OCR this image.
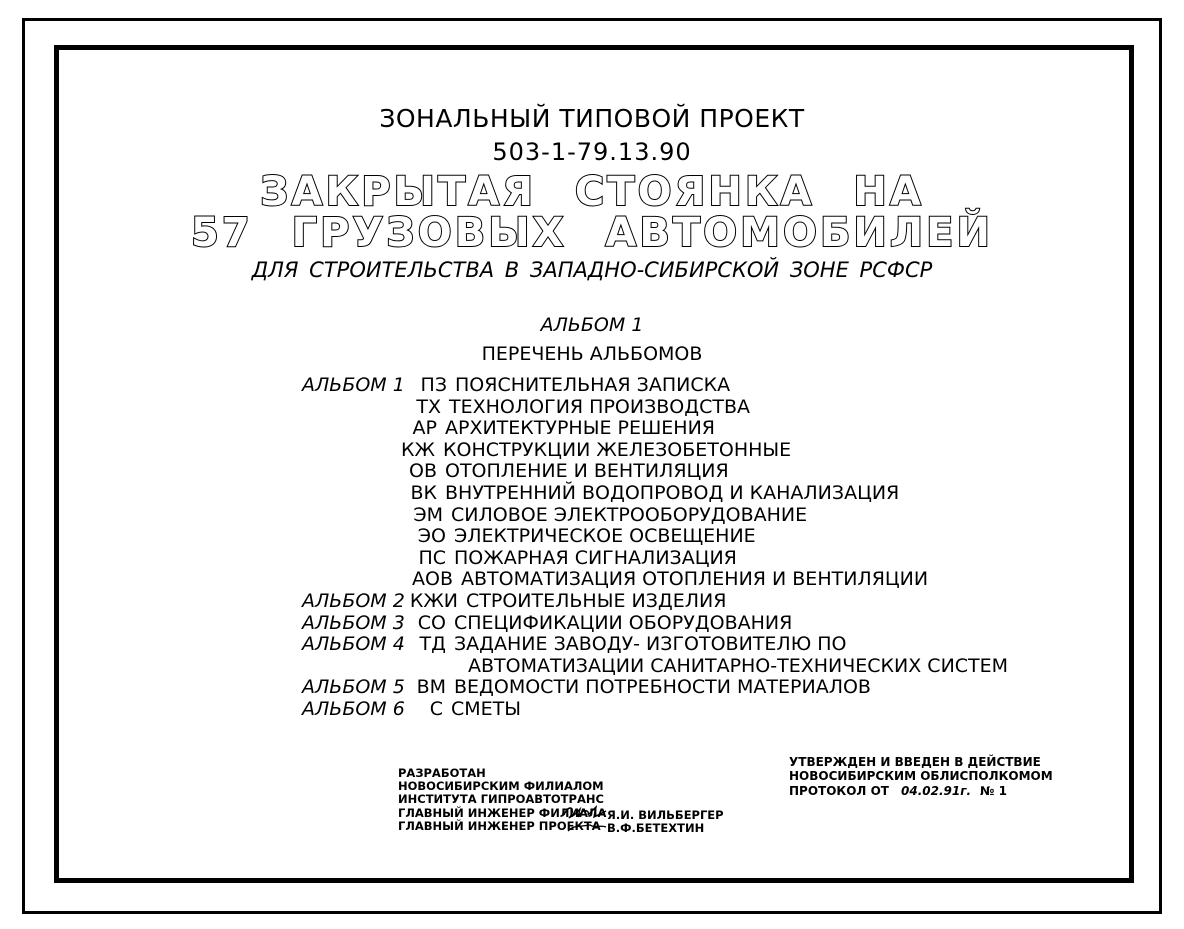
ЗОНАЛЬНЫЙ ТИПОВОЙ ПРОЕКТ
503-1-79.13.90
ЗАКРЫТАЯ СТОЯНКА НА
57 ГРУЗОВЫХ АВТОМОБИЛЕЙ
ДЛЯ СТРОИТЕЛЬСТВА В ЗАПАДНО-СИБИРСКОЙ ЗОНЕ РСФСР
АЛЬБОМ 1
ПЕРЕЧЕНЬ АЛЬБОМОВ
АЛЬБОМ 1 ПЗ ПОЯСНИТЕЛЬНАЯ ЗАПИСКА
ТХ ТЕХНОЛОГИЯ ПРОИЗВОДСТВА
АР АРХИТЕКТУРНЫЕ РЕШЕНИЯ
КЖ КОНСТРУКЦИИ ЖЕЛЕЗОБЕТОННЫЕ
ОВ ОТОПЛЕНИЕ И ВЕНТИЛЯЦИЯ
ВК ВНУТРЕННИЙ ВОДОПРОВОД И КАНАЛИЗАЦИЯ
ЭМ СИЛОВОЕ ЭЛЕКТРООБОРУДОВАНИЕ
ЭО ЭЛЕКТРИЧЕСКОЕ ОСВЕЩЕНИЕ
ПС ПОЖАРНАЯ СИГНАЛИЗАЦИЯ
АОВ АВТОМАТИЗАЦИЯ ОТОПЛЕНИЯ И ВЕНТИЛЯЦИИ
АЛЬБОМ 2 КЖИ СТРОИТЕЛЬНЫЕ ИЗДЕЛИЯ
АЛЬБОМ 3 СО СПЕЦИФИКАЦИИ ОБОРУДОВАНИЯ
АЛЬБОМ 4 ТД ЗАДАНИЕ ЗАВОДУ- ИЗГОТОВИТЕЛЮ ПО
АВТОМАТИЗАЦИИ САНИТАРНО-ТЕХНИЧЕСКИХ СИСТЕМ
АЛЬБОМ 5 ВМ ВЕДОМОСТИ ПОТРЕБНОСТИ МАТЕРИАЛОВ
АЛЬБОМ 6 С СМЕТЫ
РАЗРАБОТАН
НОВОСИБИРСКИМ ФИЛИАЛОМ
ИНСТИТУТА ГИПРОАВТОТРАНС
ГЛАВНЫЙ ИНЖЕНЕР ФИЛИАЛА Я.И. ВИЛЬБЕРГЕР
ГЛАВНЫЙ ИНЖЕНЕР ПРОЕКТА В.Ф.БЕТЕХТИН
УТВЕРЖДЕН И ВВЕДЕН В ДЕЙСТВИЕ
НОВОСИБИРСКИМ ОБЛИСПОЛКОМОМ
ПРОТОКОЛ ОТ 04.02.91г. № 1
